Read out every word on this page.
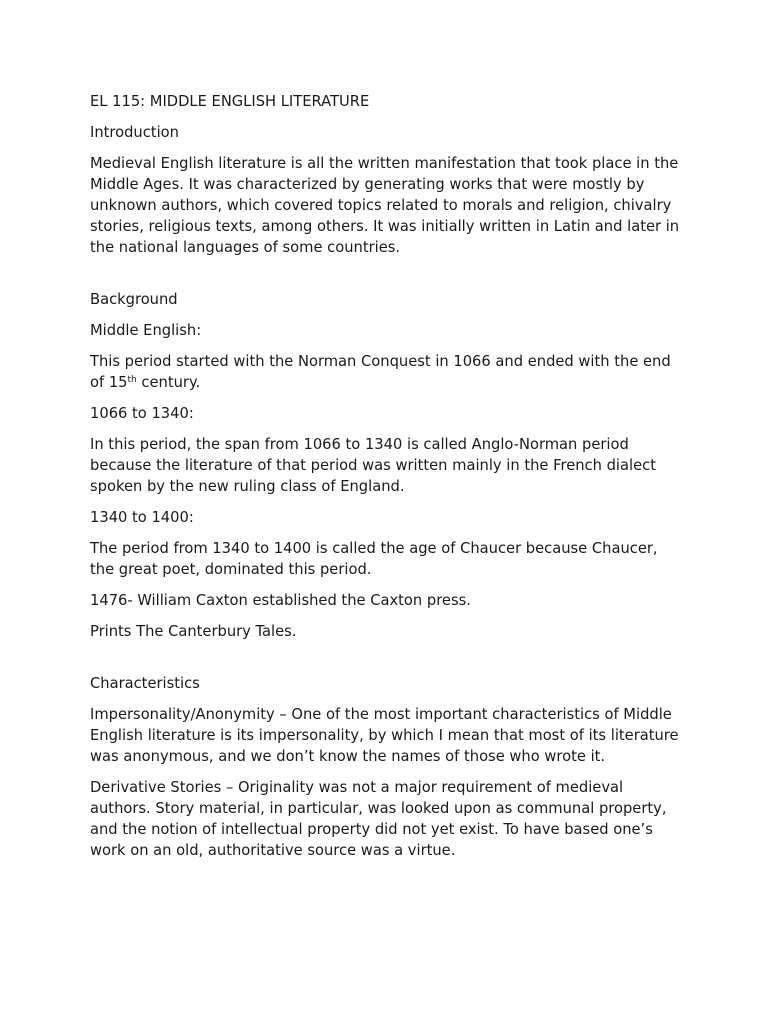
EL 115: MIDDLE ENGLISH LITERATURE

Introduction

Medieval English literature is all the written manifestation that took place in the Middle Ages. It was characterized by generating works that were mostly by unknown authors, which covered topics related to morals and religion, chivalry stories, religious texts, among others. It was initially written in Latin and later in the national languages of some countries.

Background

Middle English:

This period started with the Norman Conquest in 1066 and ended with the end of 15th century.

1066 to 1340:

In this period, the span from 1066 to 1340 is called Anglo-Norman period because the literature of that period was written mainly in the French dialect spoken by the new ruling class of England.

1340 to 1400:

The period from 1340 to 1400 is called the age of Chaucer because Chaucer, the great poet, dominated this period.

1476- William Caxton established the Caxton press.

Prints The Canterbury Tales.

Characteristics

Impersonality/Anonymity – One of the most important characteristics of Middle English literature is its impersonality, by which I mean that most of its literature was anonymous, and we don’t know the names of those who wrote it.

Derivative Stories – Originality was not a major requirement of medieval authors. Story material, in particular, was looked upon as communal property, and the notion of intellectual property did not yet exist. To have based one’s work on an old, authoritative source was a virtue.
